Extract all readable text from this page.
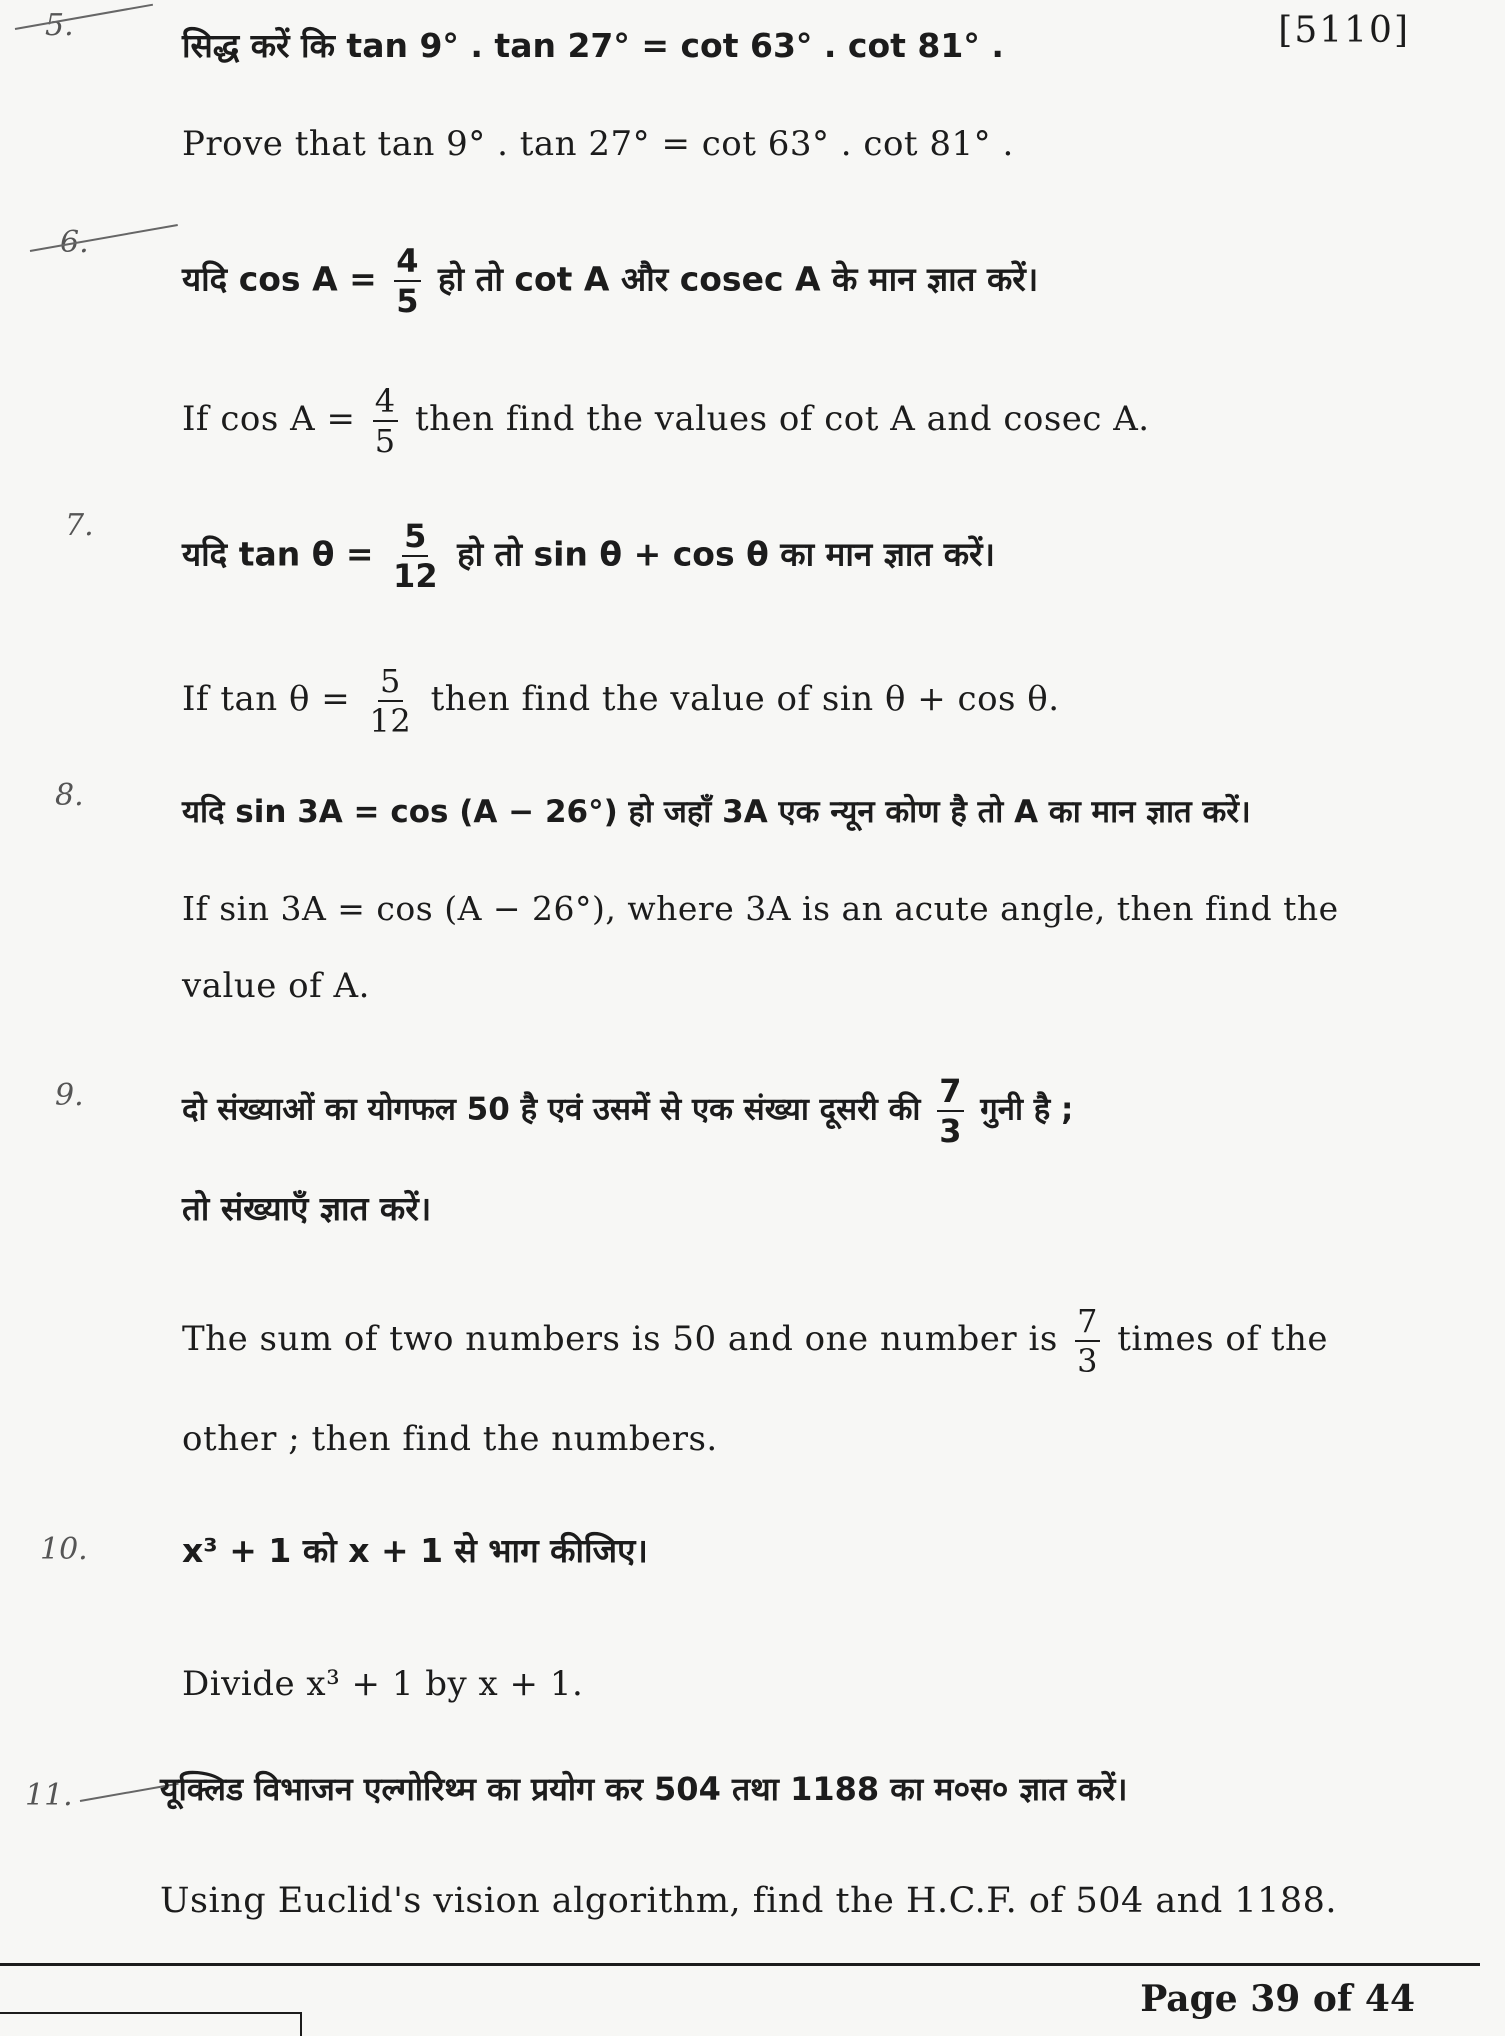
[5110]
5.
सिद्ध करें कि tan 9° . tan 27° = cot 63° . cot 81° .
Prove that tan 9° . tan 27° = cot 63° . cot 81° .
6.
यदि $\cos A = \frac{4}{5}$ हो तो cot A और cosec A के मान ज्ञात करें।
If $\cos A = \frac{4}{5}$ then find the values of cot A and cosec A.
7.
यदि $\tan \theta = \frac{5}{12}$ हो तो sin θ + cos θ का मान ज्ञात करें।
If $\tan \theta = \frac{5}{12}$ then find the value of sin θ + cos θ.
8.	यदि sin 3A = cos (A − 26°) हो जहाँ 3A एक न्यून कोण है तो A का मान ज्ञात करें।
If sin 3A = cos (A − 26°), where 3A is an acute angle, then find the
value of A.
9.	दो संख्याओं का योगफल 50 है एवं उसमें से एक संख्या दूसरी की $\frac{7}{3}$ गुनी है ;
तो संख्याएँ ज्ञात करें।
The sum of two numbers is 50 and one number is $\frac{7}{3}$ times of the
other ; then find the numbers.
10.	x³ + 1 को x + 1 से भाग कीजिए।
Divide x³ + 1 by x + 1.
11.	यूक्लिड विभाजन एल्गोरिथ्म का प्रयोग कर 504 तथा 1188 का म०स० ज्ञात करें।
Using Euclid's vision algorithm, find the H.C.F. of 504 and 1188.
Page 39 of 44
